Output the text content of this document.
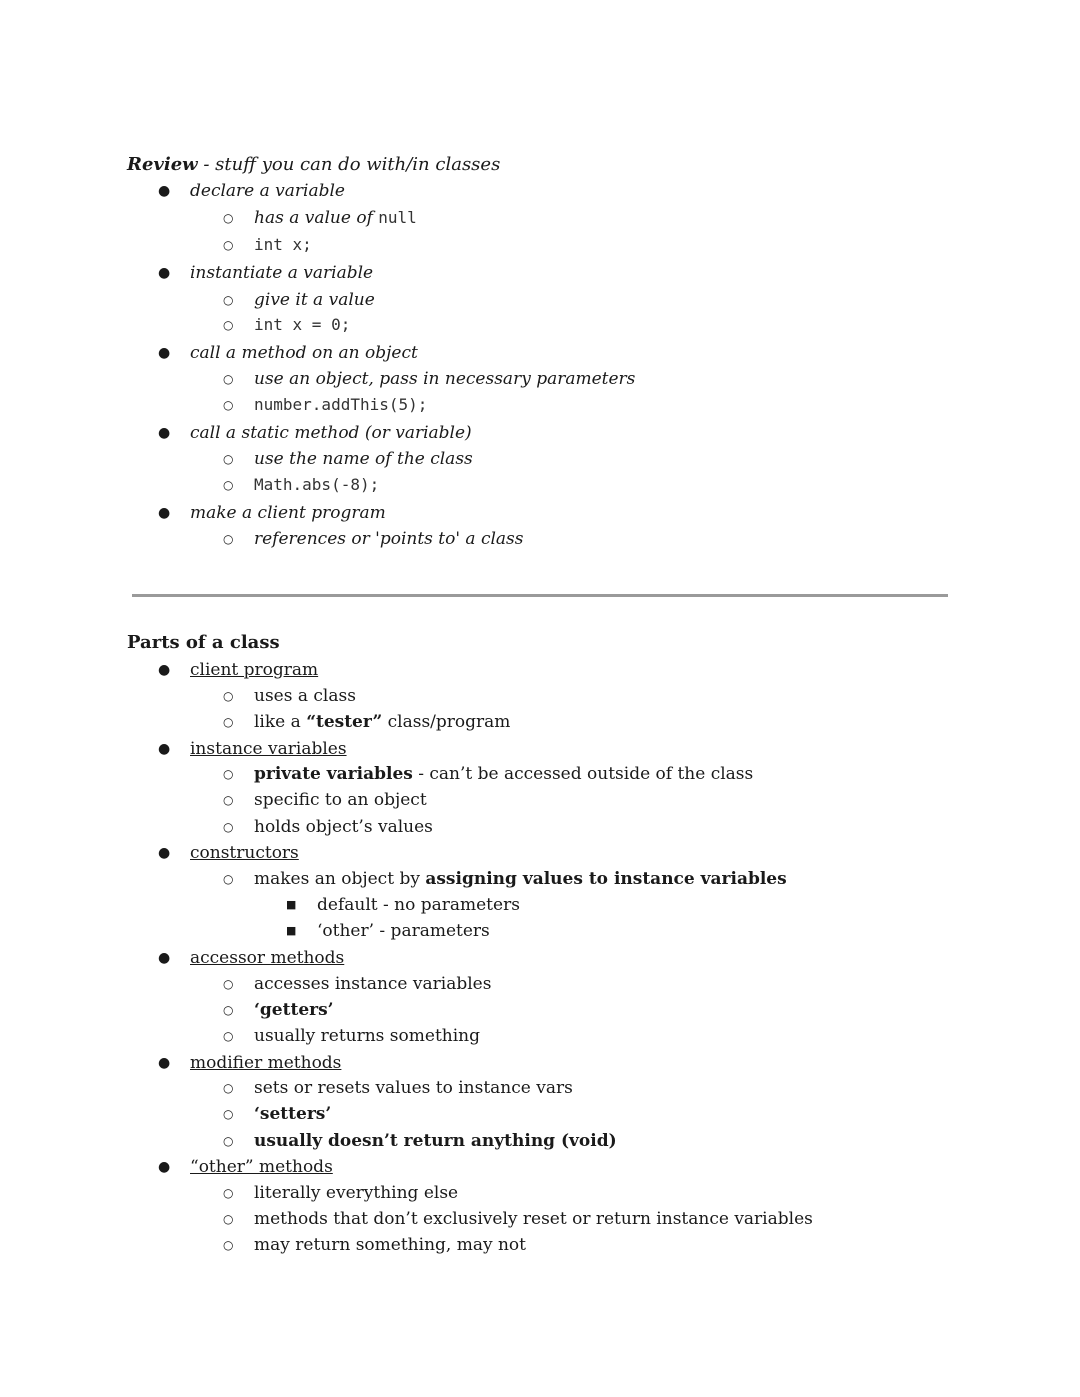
Review - stuff you can do with/in classes
● declare a variable
○ has a value of null
○ int x;
● instantiate a variable
○ give it a value
○ int x = 0;
● call a method on an object
○ use an object, pass in necessary parameters
○ number.addThis(5);
● call a static method (or variable)
○ use the name of the class
○ Math.abs(-8);
● make a client program
○ references or 'points to' a class
Parts of a class
● client program
○ uses a class
○ like a “tester” class/program
● instance variables
○ private variables - can’t be accessed outside of the class
○ specific to an object
○ holds object’s values
● constructors
○ makes an object by assigning values to instance variables
■ default - no parameters
■ ‘other’ - parameters
● accessor methods
○ accesses instance variables
○ ‘getters’
○ usually returns something
● modifier methods
○ sets or resets values to instance vars
○ ‘setters’
○ usually doesn’t return anything (void)
● “other” methods
○ literally everything else
○ methods that don’t exclusively reset or return instance variables
○ may return something, may not
